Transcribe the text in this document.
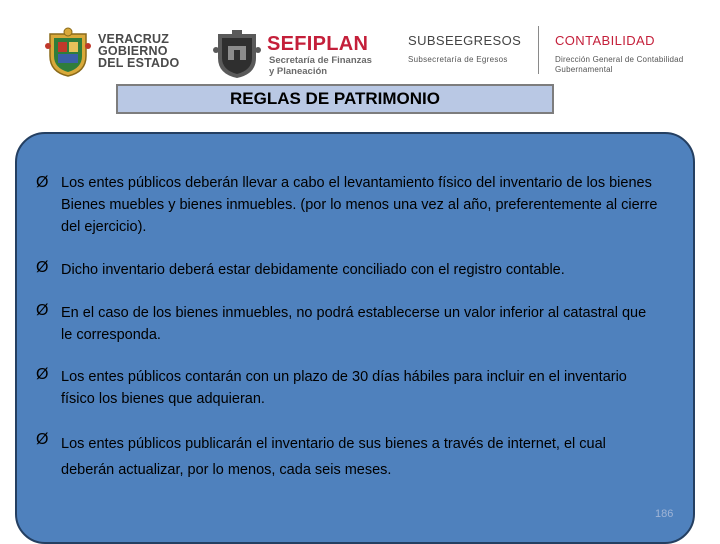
VERACRUZ
GOBIERNO
DEL ESTADO
SEFIPLAN
Secretaría de Finanzas
y Planeación
SUBSEEGRESOS
Subsecretaría de Egresos
CONTABILIDAD
Dirección General de Contabilidad
Gubernamental
REGLAS DE PATRIMONIO
Ø Los entes públicos deberán llevar a cabo el levantamiento físico del inventario de los bienes Bienes muebles y bienes inmuebles. (por lo menos una vez al año, preferentemente al cierre del ejercicio).
Ø Dicho inventario deberá estar debidamente conciliado con el registro contable.
Ø En el caso de los bienes inmuebles, no podrá establecerse un valor inferior al catastral que le corresponda.
Ø Los entes públicos contarán con un plazo de 30 días hábiles para incluir en el inventario físico los bienes que adquieran.
Ø Los entes públicos publicarán el inventario de sus bienes a través de internet, el cual deberán actualizar, por lo menos, cada seis meses.
186
